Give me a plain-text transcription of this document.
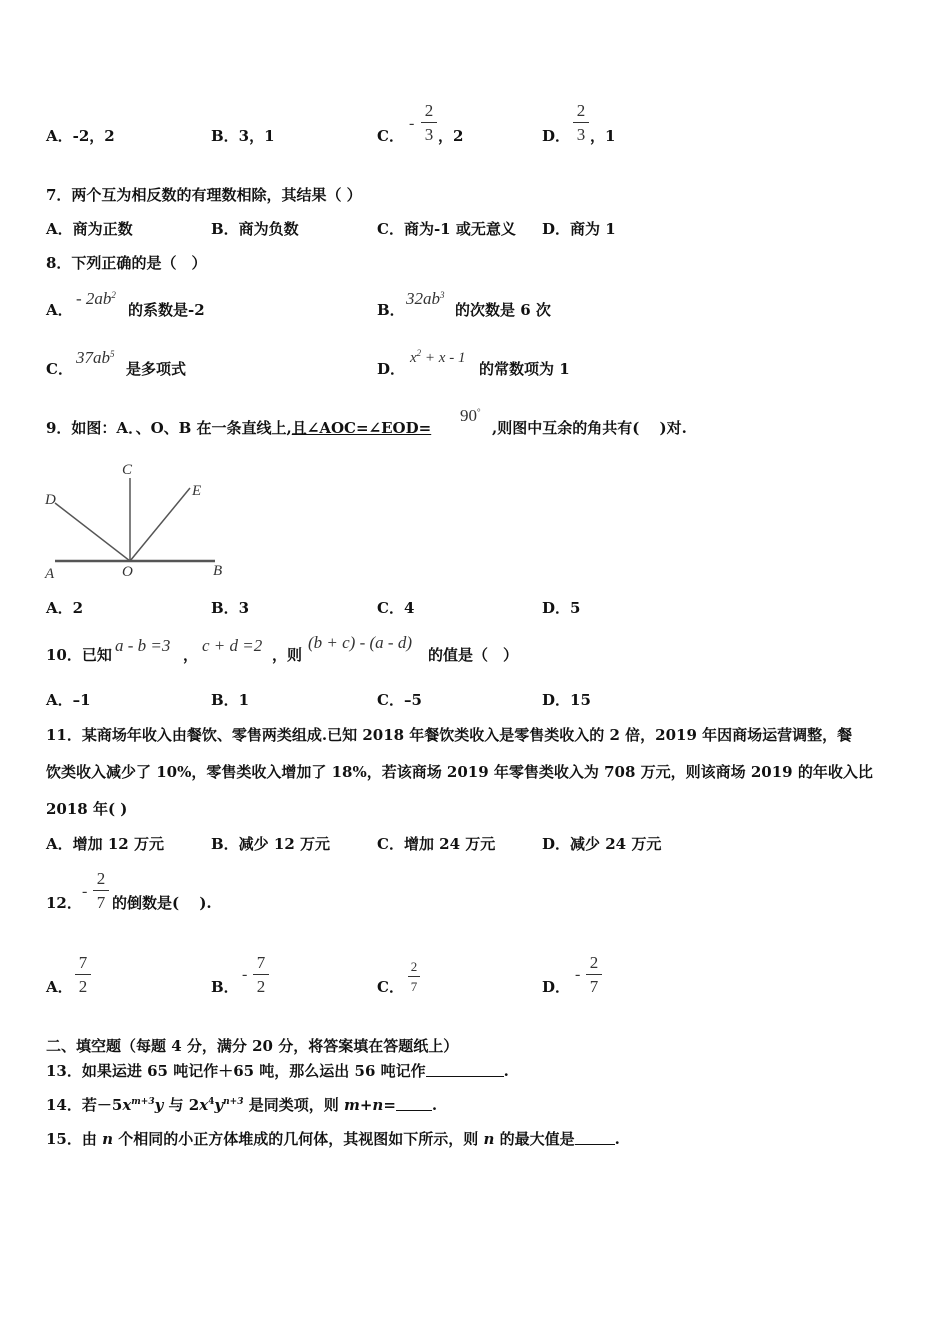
A．-2，2	B．3，1	C．
-
2
3 ，2	D．
2
3 ，1
7．两个互为相反数的有理数相除，其结果（ ）
A．商为正数	B．商为负数	C．商为-1 或无意义 D．商为 1
8．下列正确的是（　）
A．
- $2ab^2$
的系数是-2	B．
$32ab^3$
的次数是 6 次
C．
$37ab^5$
是多项式	D．
$x^2 + x - 1$
的常数项为 1
9．如图：A．、O、B 在一条直线上,且∠AOC=∠EOD=
90°
,则图中互余的角共有(　 )对.
C
D
E
A	O	B
A．2	B．3	C．4	D．5
10．已知 a - b =3 ， c + d =2 ，则
(b + c) - (a - d)
的值是（　）
A．–1	B．1	C．–5	D．15
11．某商场年收入由餐饮、零售两类组成.已知 2018 年餐饮类收入是零售类收入的 2 倍，2019 年因商场运营调整，餐
饮类收入减少了 10%，零售类收入增加了 18%，若该商场 2019 年零售类收入为 708 万元，则该商场 2019 的年收入比
2018 年( )
A．增加 12 万元	B．减少 12 万元	C．增加 24 万元	D．减少 24 万元
12．
-
2
7 的倒数是(　 ).
A．
7
2	B．
-
7
2	C．
2
7	D．
-
2
7
二、填空题（每题 4 分，满分 20 分，将答案填在答题纸上）
13．如果运进 65 吨记作＋65 吨，那么运出 56 吨记作	.
14．若$-5x^{m+3}y$ 与 $2x^4y^{n+3}$ 是同类项，则 m+n= .
15．由 n 个相同的小正方体堆成的几何体，其视图如下所示，则 n 的最大值是	.
